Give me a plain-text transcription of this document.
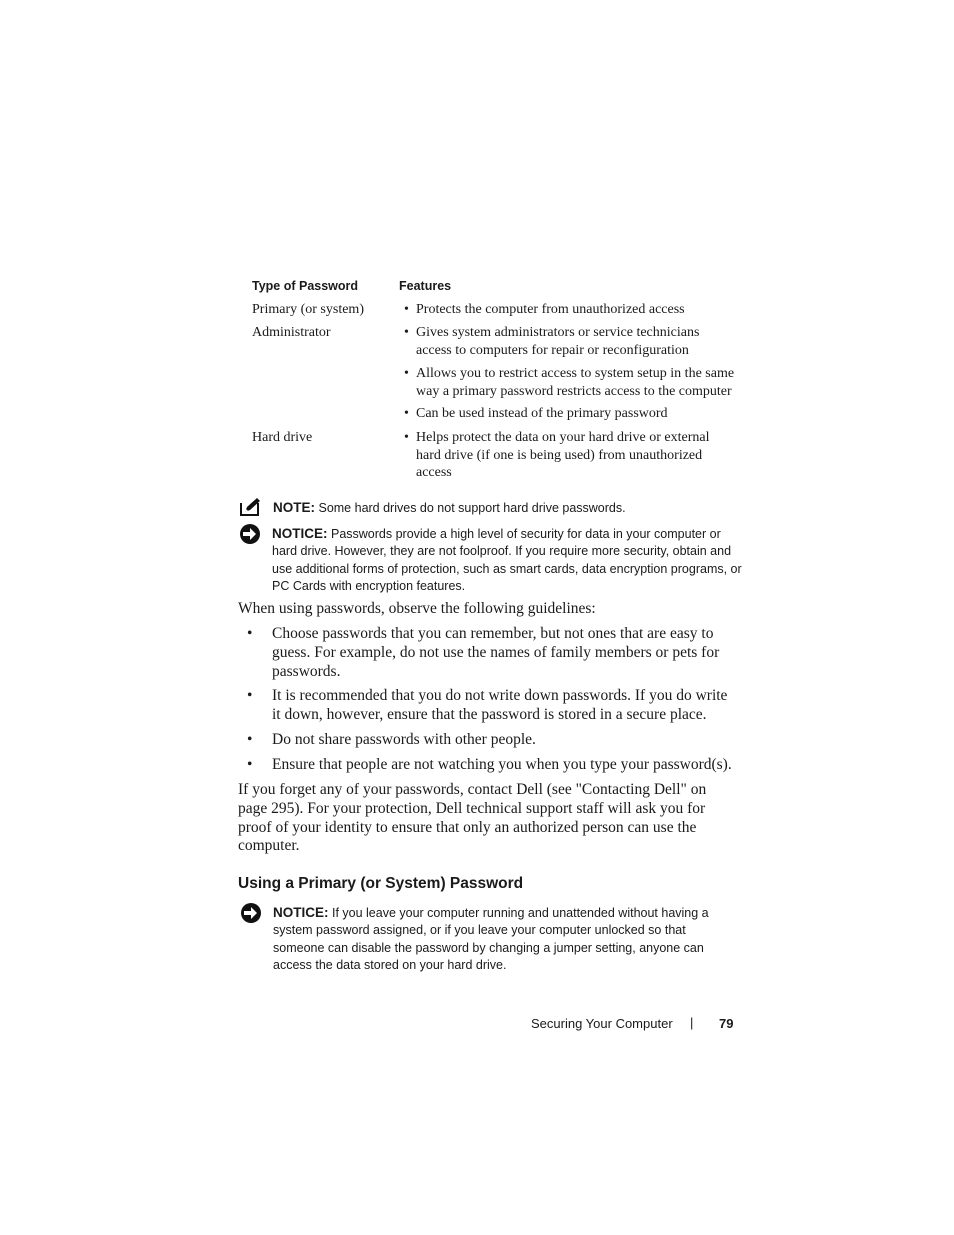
Type of Password	Features
Primary (or system)	• Protects the computer from unauthorized access
Administrator	• Gives system administrators or service technicians access to computers for repair or reconfiguration
• Allows you to restrict access to system setup in the same way a primary password restricts access to the computer
• Can be used instead of the primary password
Hard drive	• Helps protect the data on your hard drive or external hard drive (if one is being used) from unauthorized access
NOTE: Some hard drives do not support hard drive passwords.
NOTICE: Passwords provide a high level of security for data in your computer or hard drive. However, they are not foolproof. If you require more security, obtain and use additional forms of protection, such as smart cards, data encryption programs, or PC Cards with encryption features.
When using passwords, observe the following guidelines:
• Choose passwords that you can remember, but not ones that are easy to guess. For example, do not use the names of family members or pets for passwords.
• It is recommended that you do not write down passwords. If you do write it down, however, ensure that the password is stored in a secure place.
• Do not share passwords with other people.
• Ensure that people are not watching you when you type your password(s).
If you forget any of your passwords, contact Dell (see "Contacting Dell" on page 295). For your protection, Dell technical support staff will ask you for proof of your identity to ensure that only an authorized person can use the computer.
Using a Primary (or System) Password
NOTICE: If you leave your computer running and unattended without having a system password assigned, or if you leave your computer unlocked so that someone can disable the password by changing a jumper setting, anyone can access the data stored on your hard drive.
Securing Your Computer | 79
